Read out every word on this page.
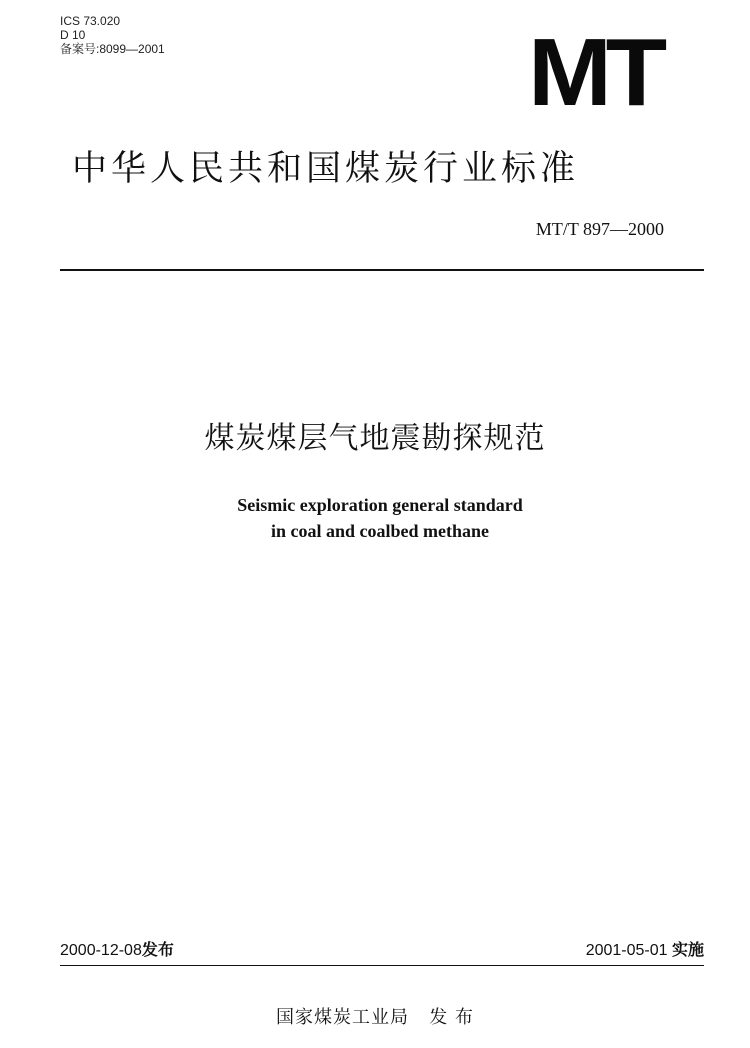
ICS 73.020
D 10
备案号:8099—2001	MT
中华人民共和国煤炭行业标准
MT/T 897—2000
煤炭煤层气地震勘探规范
Seismic exploration general standard
in coal and coalbed methane
2000-12-08发布	2001-05-01 实施
国家煤炭工业局 发 布
